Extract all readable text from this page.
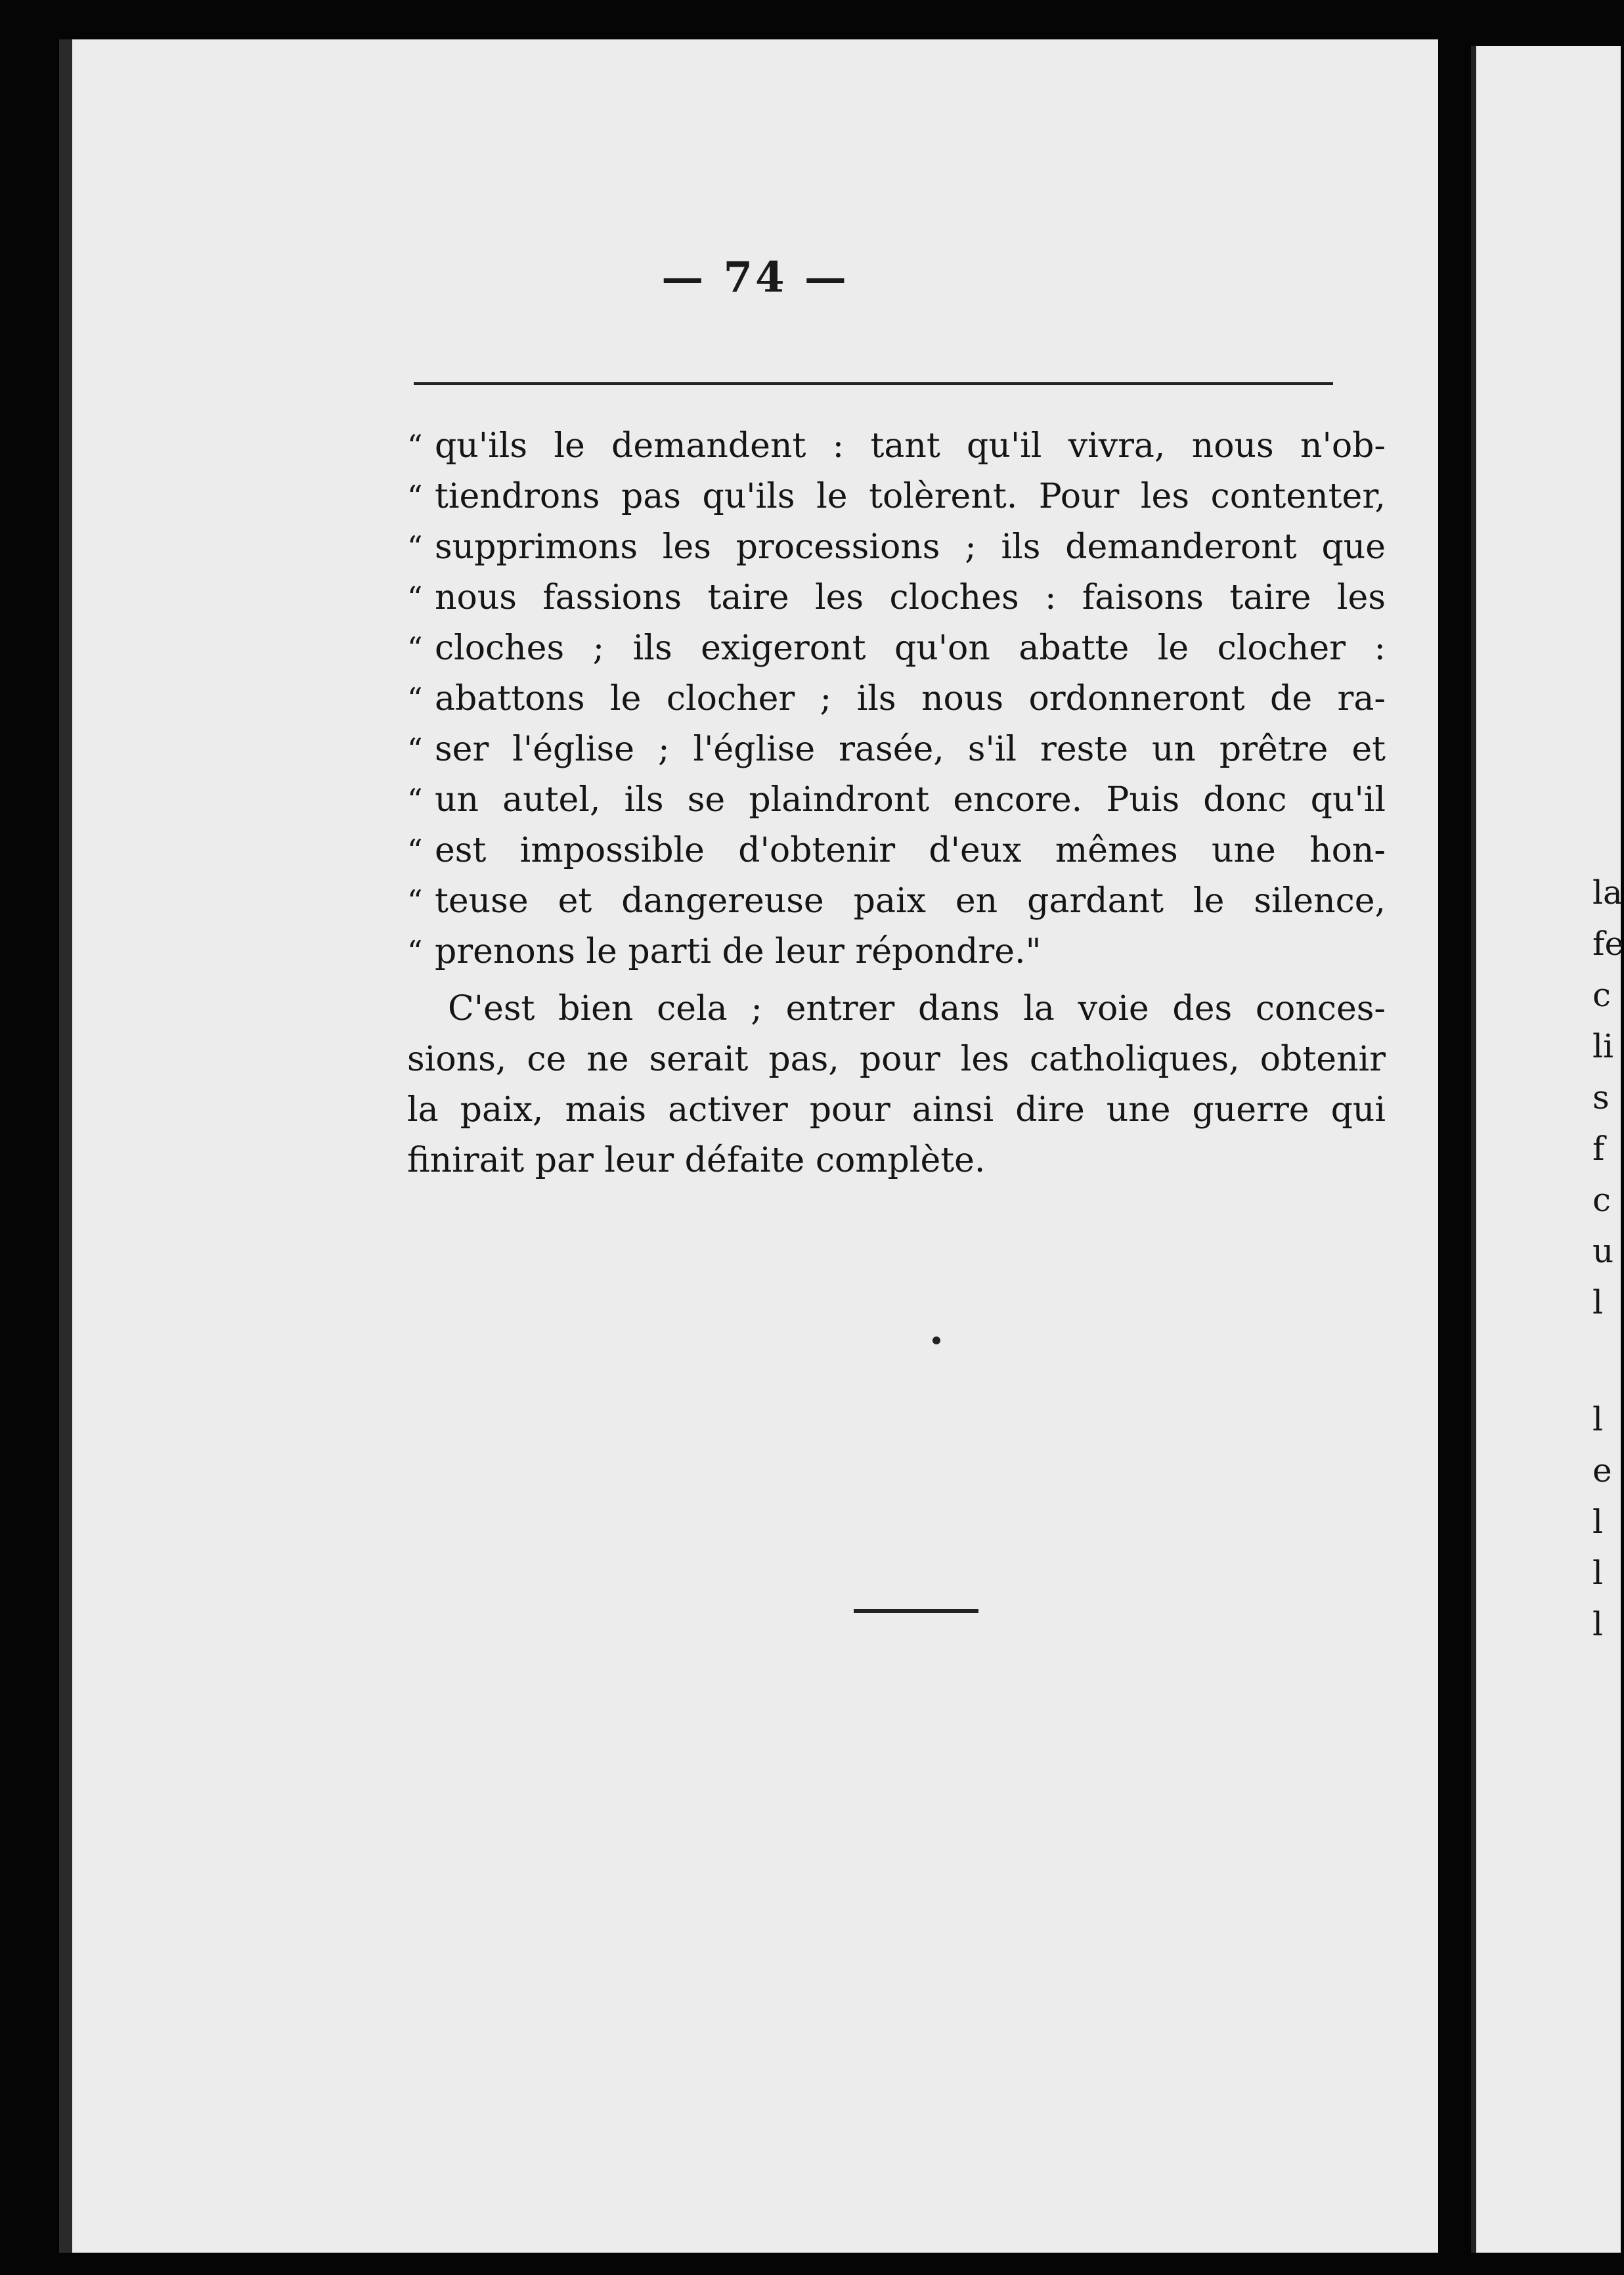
— 74 —
“ qu'ils le demandent : tant qu'il vivra, nous n'ob-
“ tiendrons pas qu'ils le tolèrent. Pour les contenter,
“ supprimons les processions ; ils demanderont que
“ nous fassions taire les cloches : faisons taire les
“ cloches ; ils exigeront qu'on abatte le clocher :
“ abattons le clocher ; ils nous ordonneront de ra-
“ ser l'église ; l'église rasée, s'il reste un prêtre et
“ un autel, ils se plaindront encore. Puis donc qu'il
“ est impossible d'obtenir d'eux mêmes une hon-
“ teuse et dangereuse paix en gardant le silence,
“ prenons le parti de leur répondre."
C'est bien cela ; entrer dans la voie des conces-
sions, ce ne serait pas, pour les catholiques, obtenir
la paix, mais activer pour ainsi dire une guerre qui
finirait par leur défaite complète.
la
fe
c
li
s
f
c
u
l
l
e
l
l
l
